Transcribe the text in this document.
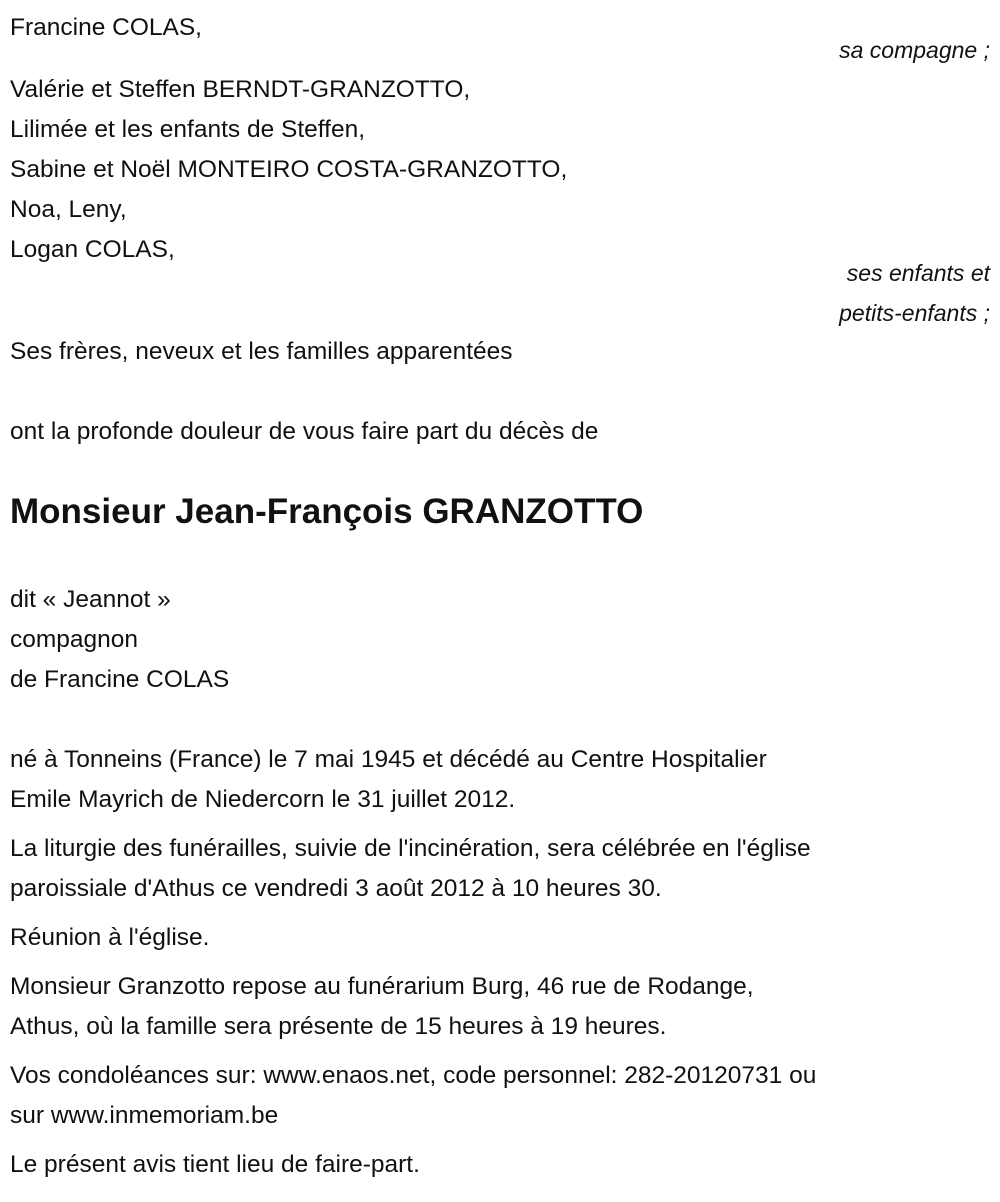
Francine COLAS,
sa compagne ;
Valérie et Steffen BERNDT-GRANZOTTO,
Lilimée et les enfants de Steffen,
Sabine et Noël MONTEIRO COSTA-GRANZOTTO,
Noa, Leny,
Logan COLAS,
ses enfants et
petits-enfants ;
Ses frères, neveux et les familles apparentées
ont la profonde douleur de vous faire part du décès de
Monsieur Jean-François GRANZOTTO
dit « Jeannot »
compagnon
de Francine COLAS
né à Tonneins (France) le 7 mai 1945 et décédé au Centre Hospitalier
Emile Mayrich de Niedercorn le 31 juillet 2012.
La liturgie des funérailles, suivie de l'incinération, sera célébrée en l'église
paroissiale d'Athus ce vendredi 3 août 2012 à 10 heures 30.
Réunion à l'église.
Monsieur Granzotto repose au funérarium Burg, 46 rue de Rodange,
Athus, où la famille sera présente de 15 heures à 19 heures.
Vos condoléances sur: www.enaos.net, code personnel: 282-20120731 ou
sur www.inmemoriam.be
Le présent avis tient lieu de faire-part.
